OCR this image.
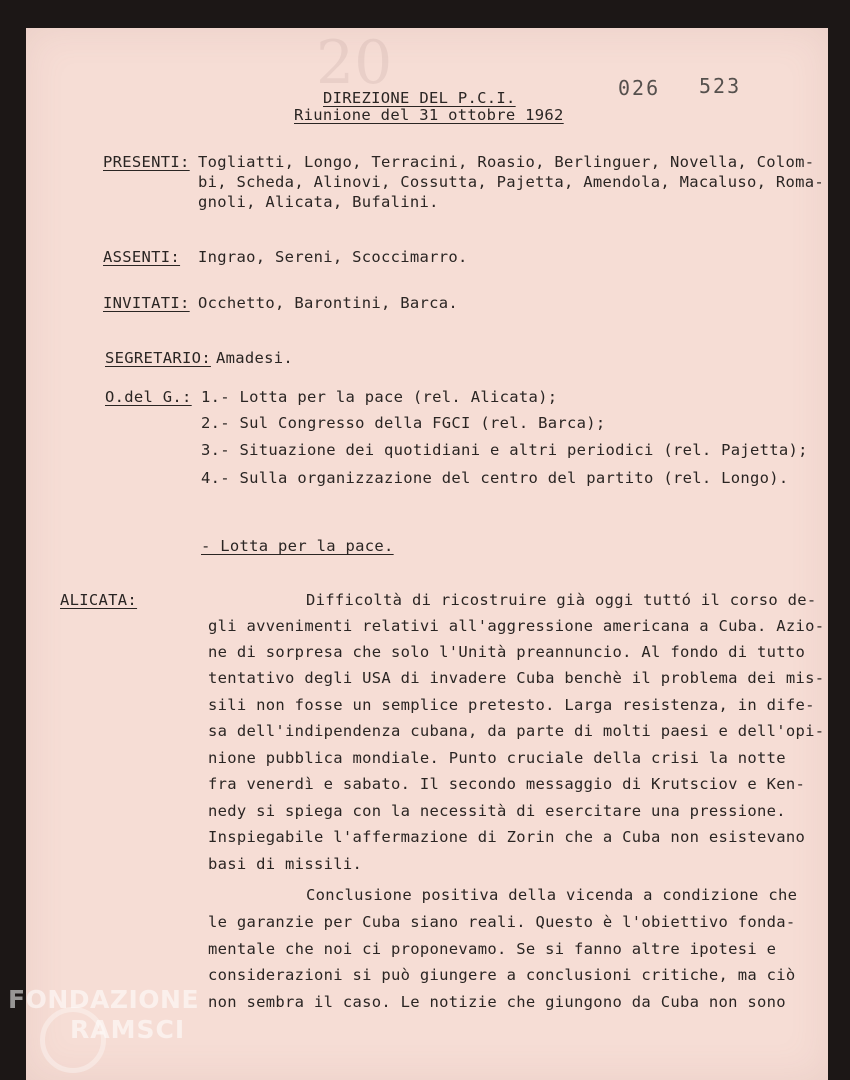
20
DIREZIONE DEL P.C.I.
Riunione del 31 ottobre 1962
026 523
PRESENTI: Togliatti, Longo, Terracini, Roasio, Berlinguer, Novella, Colom-
bi, Scheda, Alinovi, Cossutta, Pajetta, Amendola, Macaluso, Roma-
gnoli, Alicata, Bufalini.
ASSENTI: Ingrao, Sereni, Scoccimarro.
INVITATI: Occhetto, Barontini, Barca.
SEGRETARIO: Amadesi.
O.del G.: 1.- Lotta per la pace (rel. Alicata);
2.- Sul Congresso della FGCI (rel. Barca);
3.- Situazione dei quotidiani e altri periodici (rel. Pajetta);
4.- Sulla organizzazione del centro del partito (rel. Longo).
- Lotta per la pace.
ALICATA:	Difficoltà di ricostruire già oggi tuttó il corso de-
gli avvenimenti relativi all'aggressione americana a Cuba. Azio-
ne di sorpresa che solo l'Unità preannuncio. Al fondo di tutto
tentativo degli USA di invadere Cuba benchè il problema dei mis-
sili non fosse un semplice pretesto. Larga resistenza, in dife-
sa dell'indipendenza cubana, da parte di molti paesi e dell'opi-
nione pubblica mondiale. Punto cruciale della crisi la notte
fra venerdì e sabato. Il secondo messaggio di Krutsciov e Ken-
nedy si spiega con la necessità di esercitare una pressione.
Inspiegabile l'affermazione di Zorin che a Cuba non esistevano
basi di missili.
Conclusione positiva della vicenda a condizione che
le garanzie per Cuba siano reali. Questo è l'obiettivo fonda-
mentale che noi ci proponevamo. Se si fanno altre ipotesi e
considerazioni si può giungere a conclusioni critiche, ma ciò
non sembra il caso. Le notizie che giungono da Cuba non sono
FONDAZIONE
RAMSCI
